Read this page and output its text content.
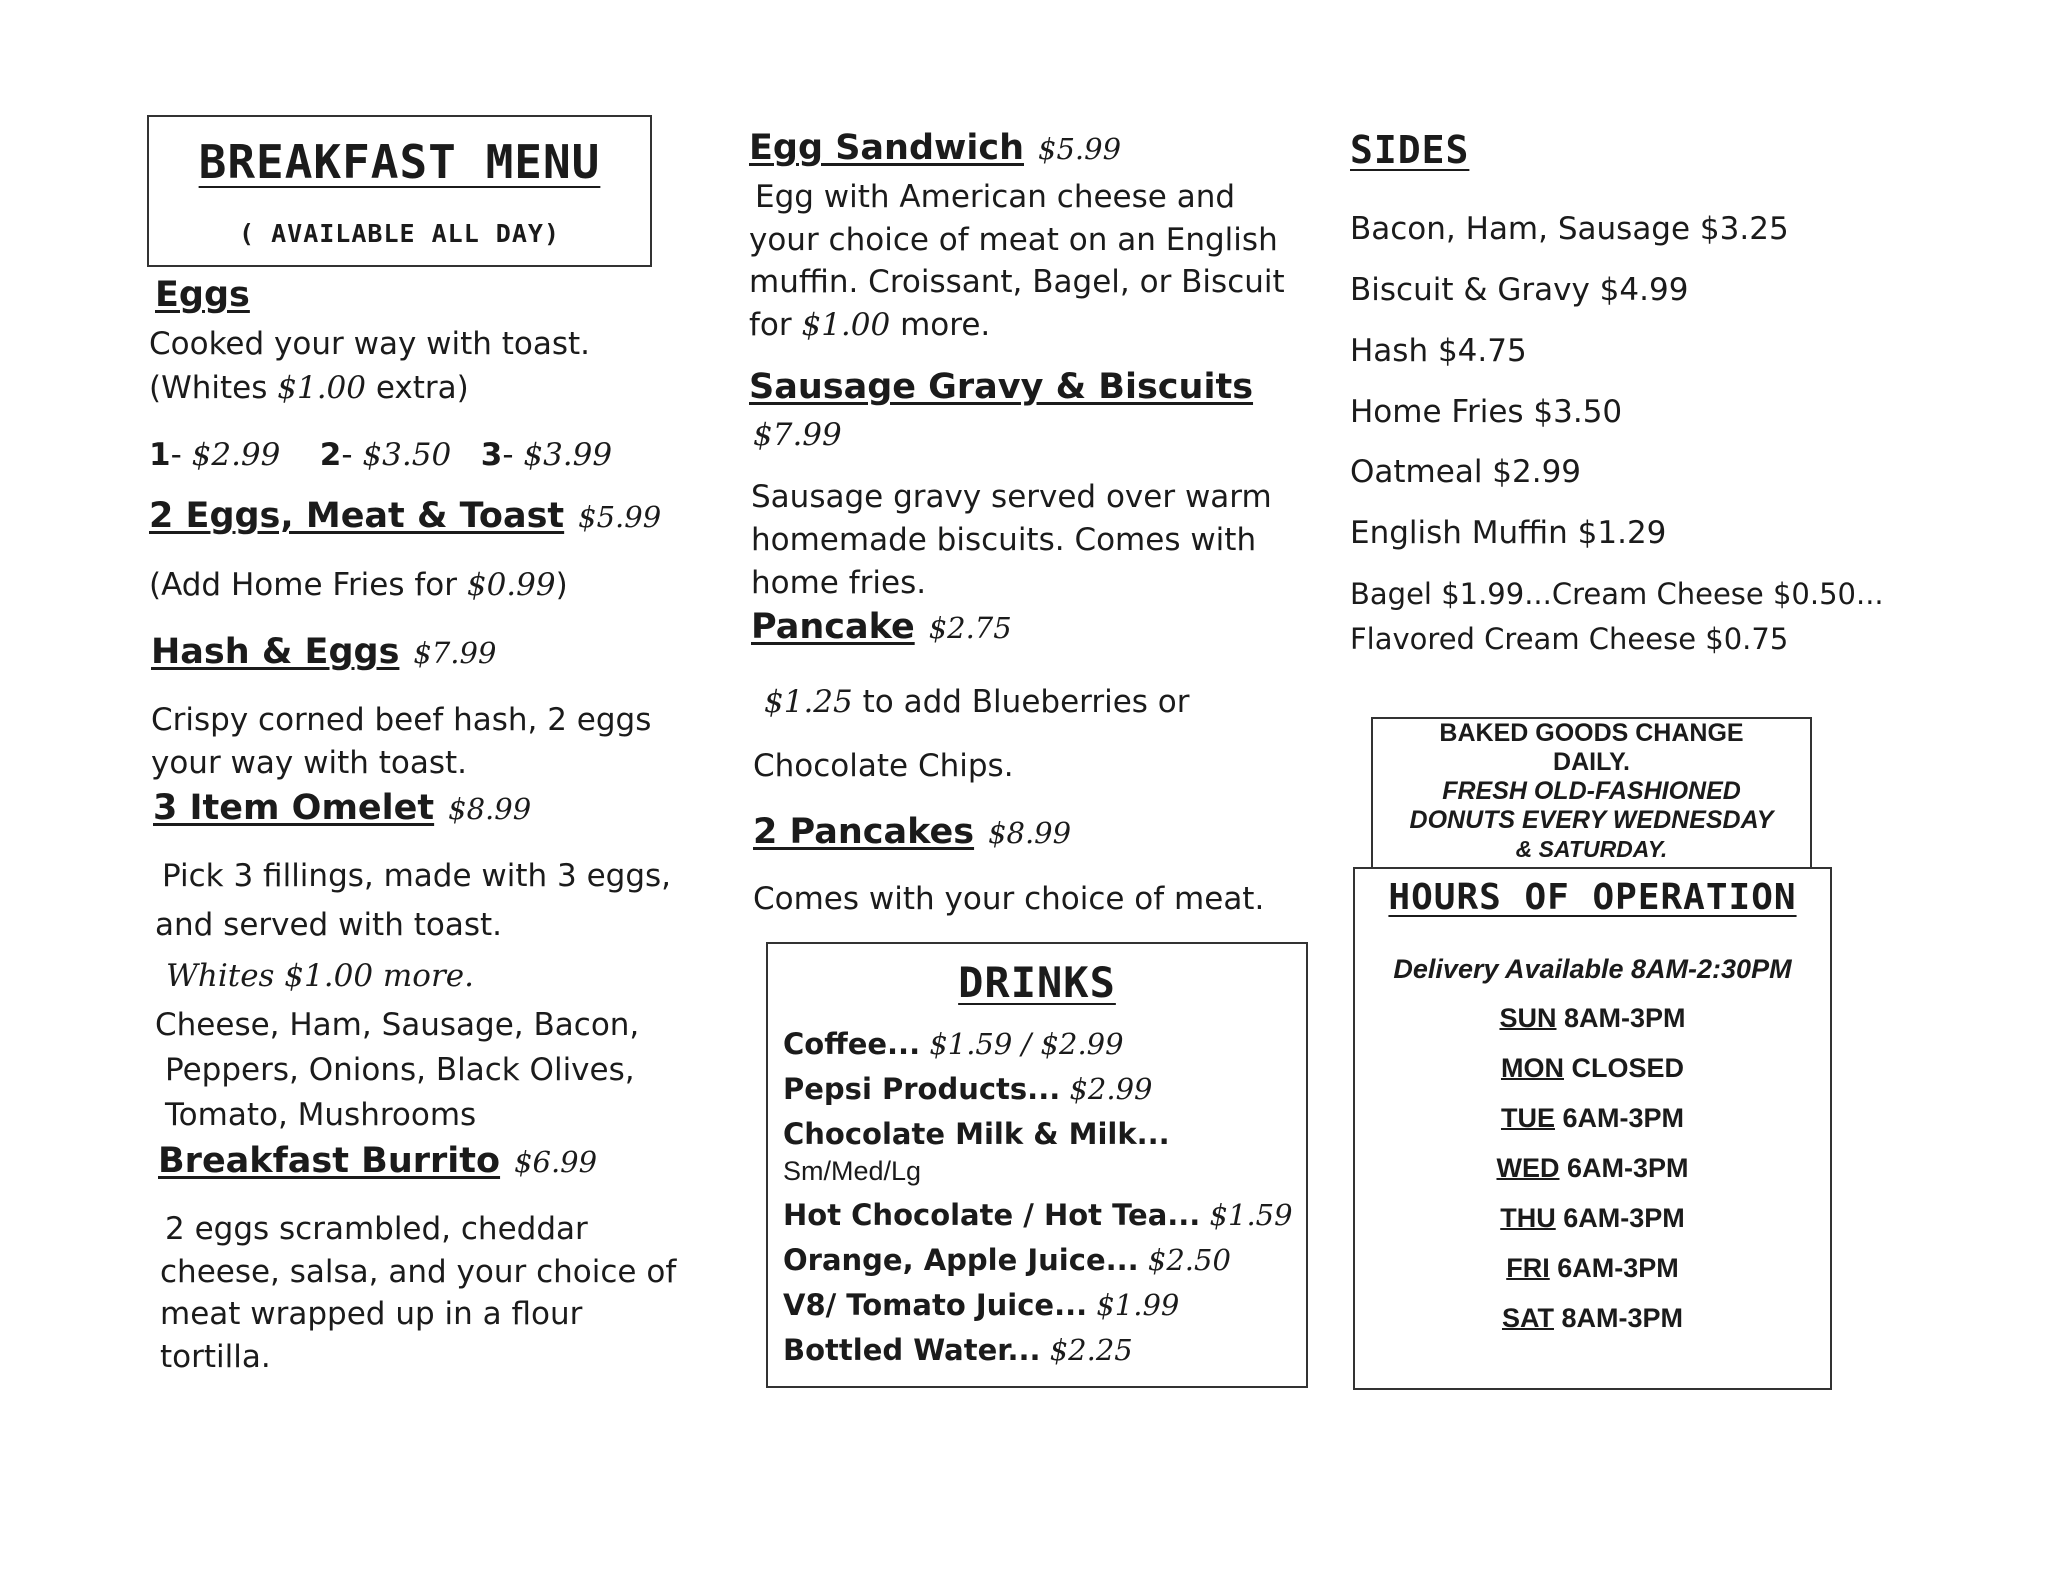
BREAKFAST MENU
( AVAILABLE ALL DAY)
Eggs
Cooked your way with toast.
(Whites $1.00 extra)
1- $2.99 2- $3.50 3- $3.99
2 Eggs, Meat & Toast $5.99
(Add Home Fries for $0.99)
Hash & Eggs $7.99
Crispy corned beef hash, 2 eggs
your way with toast.
3 Item Omelet $8.99
Pick 3 fillings, made with 3 eggs,
and served with toast.
Whites $1.00 more.
Cheese, Ham, Sausage, Bacon,
Peppers, Onions, Black Olives,
Tomato, Mushrooms
Breakfast Burrito $6.99
2 eggs scrambled, cheddar
cheese, salsa, and your choice of
meat wrapped up in a flour
tortilla.
Egg Sandwich $5.99
Egg with American cheese and
your choice of meat on an English
muffin. Croissant, Bagel, or Biscuit
for $1.00 more.
Sausage Gravy & Biscuits
$7.99
Sausage gravy served over warm
homemade biscuits. Comes with
home fries.
Pancake $2.75
$1.25 to add Blueberries or
Chocolate Chips.
2 Pancakes $8.99
Comes with your choice of meat.
DRINKS
Coffee... $1.59 / $2.99
Pepsi Products... $2.99
Chocolate Milk & Milk...
Sm/Med/Lg
Hot Chocolate / Hot Tea... $1.59
Orange, Apple Juice... $2.50
V8/ Tomato Juice... $1.99
Bottled Water... $2.25
SIDES
Bacon, Ham, Sausage $3.25
Biscuit & Gravy $4.99
Hash $4.75
Home Fries $3.50
Oatmeal $2.99
English Muffin $1.29
Bagel $1.99...Cream Cheese $0.50...
Flavored Cream Cheese $0.75
BAKED GOODS CHANGE
DAILY.
FRESH OLD-FASHIONED
DONUTS EVERY WEDNESDAY
& SATURDAY.
HOURS OF OPERATION
Delivery Available 8AM-2:30PM
SUN 8AM-3PM
MON CLOSED
TUE 6AM-3PM
WED 6AM-3PM
THU 6AM-3PM
FRI 6AM-3PM
SAT 8AM-3PM
